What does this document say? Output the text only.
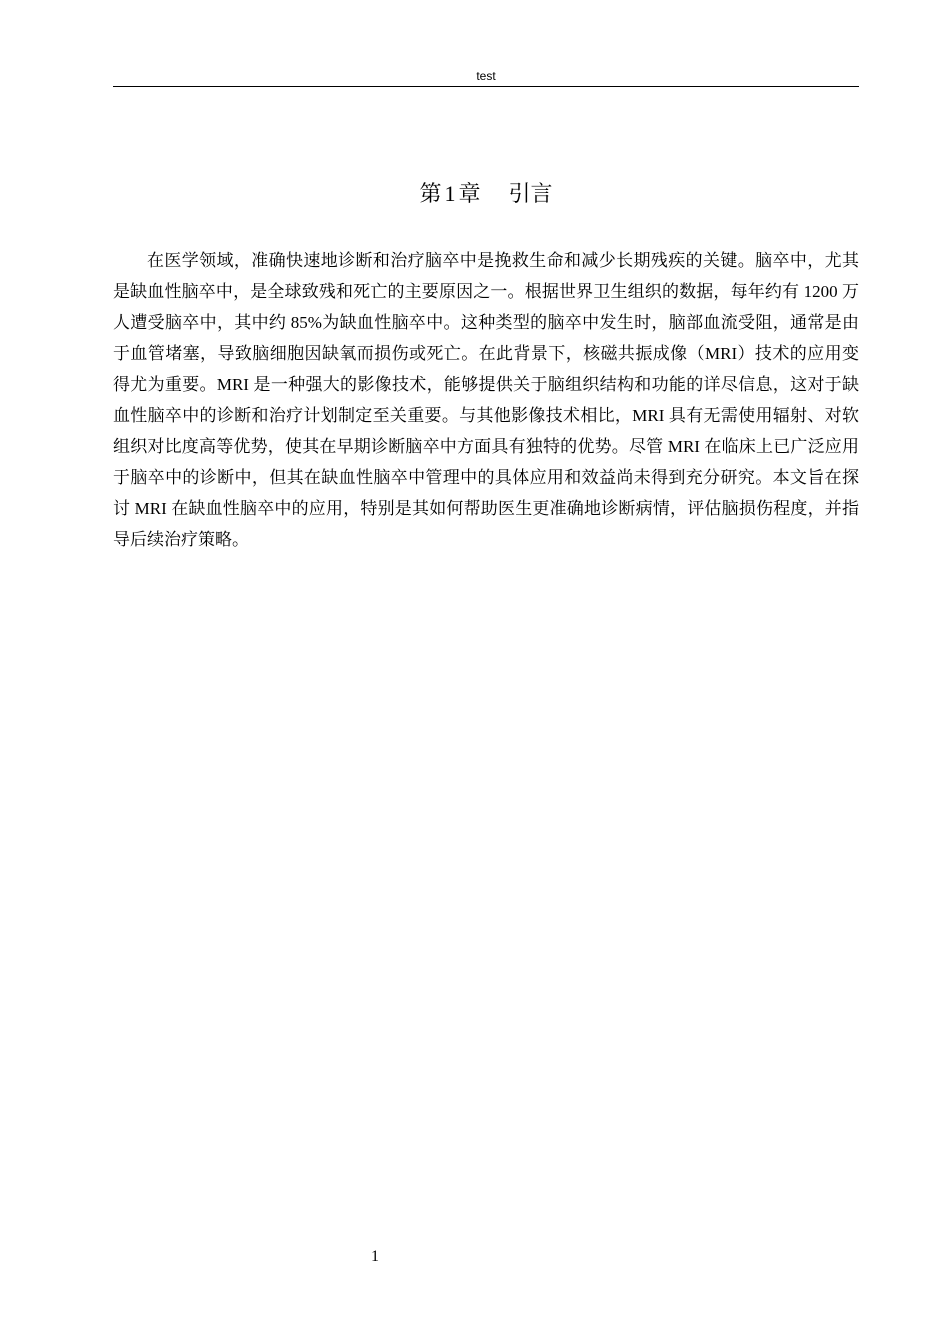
test
第 1 章 引言

在医学领域，准确快速地诊断和治疗脑卒中是挽救生命和减少长期残疾的关键。脑卒中，尤其是缺血性脑卒中，是全球致残和死亡的主要原因之一。根据世界卫生组织的数据，每年约有 1200 万人遭受脑卒中，其中约 85%为缺血性脑卒中。这种类型的脑卒中发生时，脑部血流受阻，通常是由于血管堵塞，导致脑细胞因缺氧而损伤或死亡。在此背景下，核磁共振成像（MRI）技术的应用变得尤为重要。MRI 是一种强大的影像技术，能够提供关于脑组织结构和功能的详尽信息，这对于缺血性脑卒中的诊断和治疗计划制定至关重要。与其他影像技术相比，MRI 具有无需使用辐射、对软组织对比度高等优势，使其在早期诊断脑卒中方面具有独特的优势。尽管 MRI 在临床上已广泛应用于脑卒中的诊断中，但其在缺血性脑卒中管理中的具体应用和效益尚未得到充分研究。本文旨在探讨 MRI 在缺血性脑卒中的应用，特别是其如何帮助医生更准确地诊断病情，评估脑损伤程度，并指导后续治疗策略。

1
